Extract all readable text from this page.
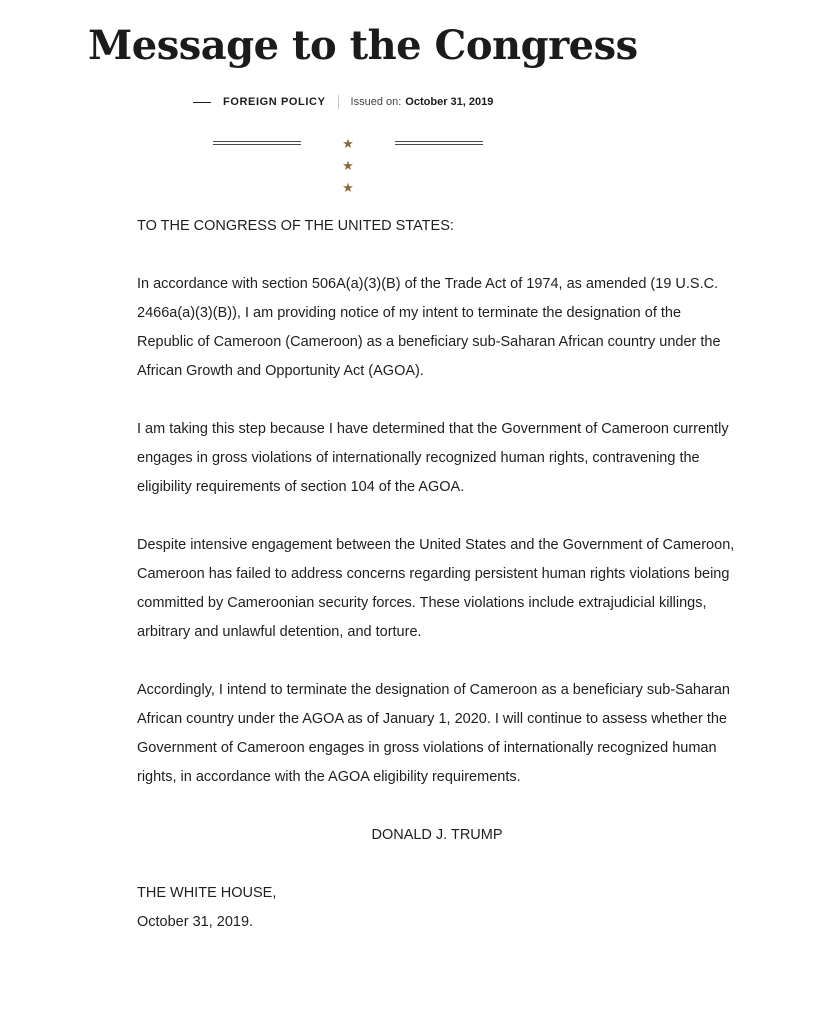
Message to the Congress
FOREIGN POLICY Issued on: October 31, 2019
★ ★ ★

TO THE CONGRESS OF THE UNITED STATES:

In accordance with section 506A(a)(3)(B) of the Trade Act of 1974, as amended (19 U.S.C. 2466a(a)(3)(B)), I am providing notice of my intent to terminate the designation of the Republic of Cameroon (Cameroon) as a beneficiary sub-Saharan African country under the African Growth and Opportunity Act (AGOA).

I am taking this step because I have determined that the Government of Cameroon currently engages in gross violations of internationally recognized human rights, contravening the eligibility requirements of section 104 of the AGOA.

Despite intensive engagement between the United States and the Government of Cameroon, Cameroon has failed to address concerns regarding persistent human rights violations being committed by Cameroonian security forces. These violations include extrajudicial killings, arbitrary and unlawful detention, and torture.

Accordingly, I intend to terminate the designation of Cameroon as a beneficiary sub-Saharan African country under the AGOA as of January 1, 2020. I will continue to assess whether the Government of Cameroon engages in gross violations of internationally recognized human rights, in accordance with the AGOA eligibility requirements.

DONALD J. TRUMP

THE WHITE HOUSE,

October 31, 2019.
